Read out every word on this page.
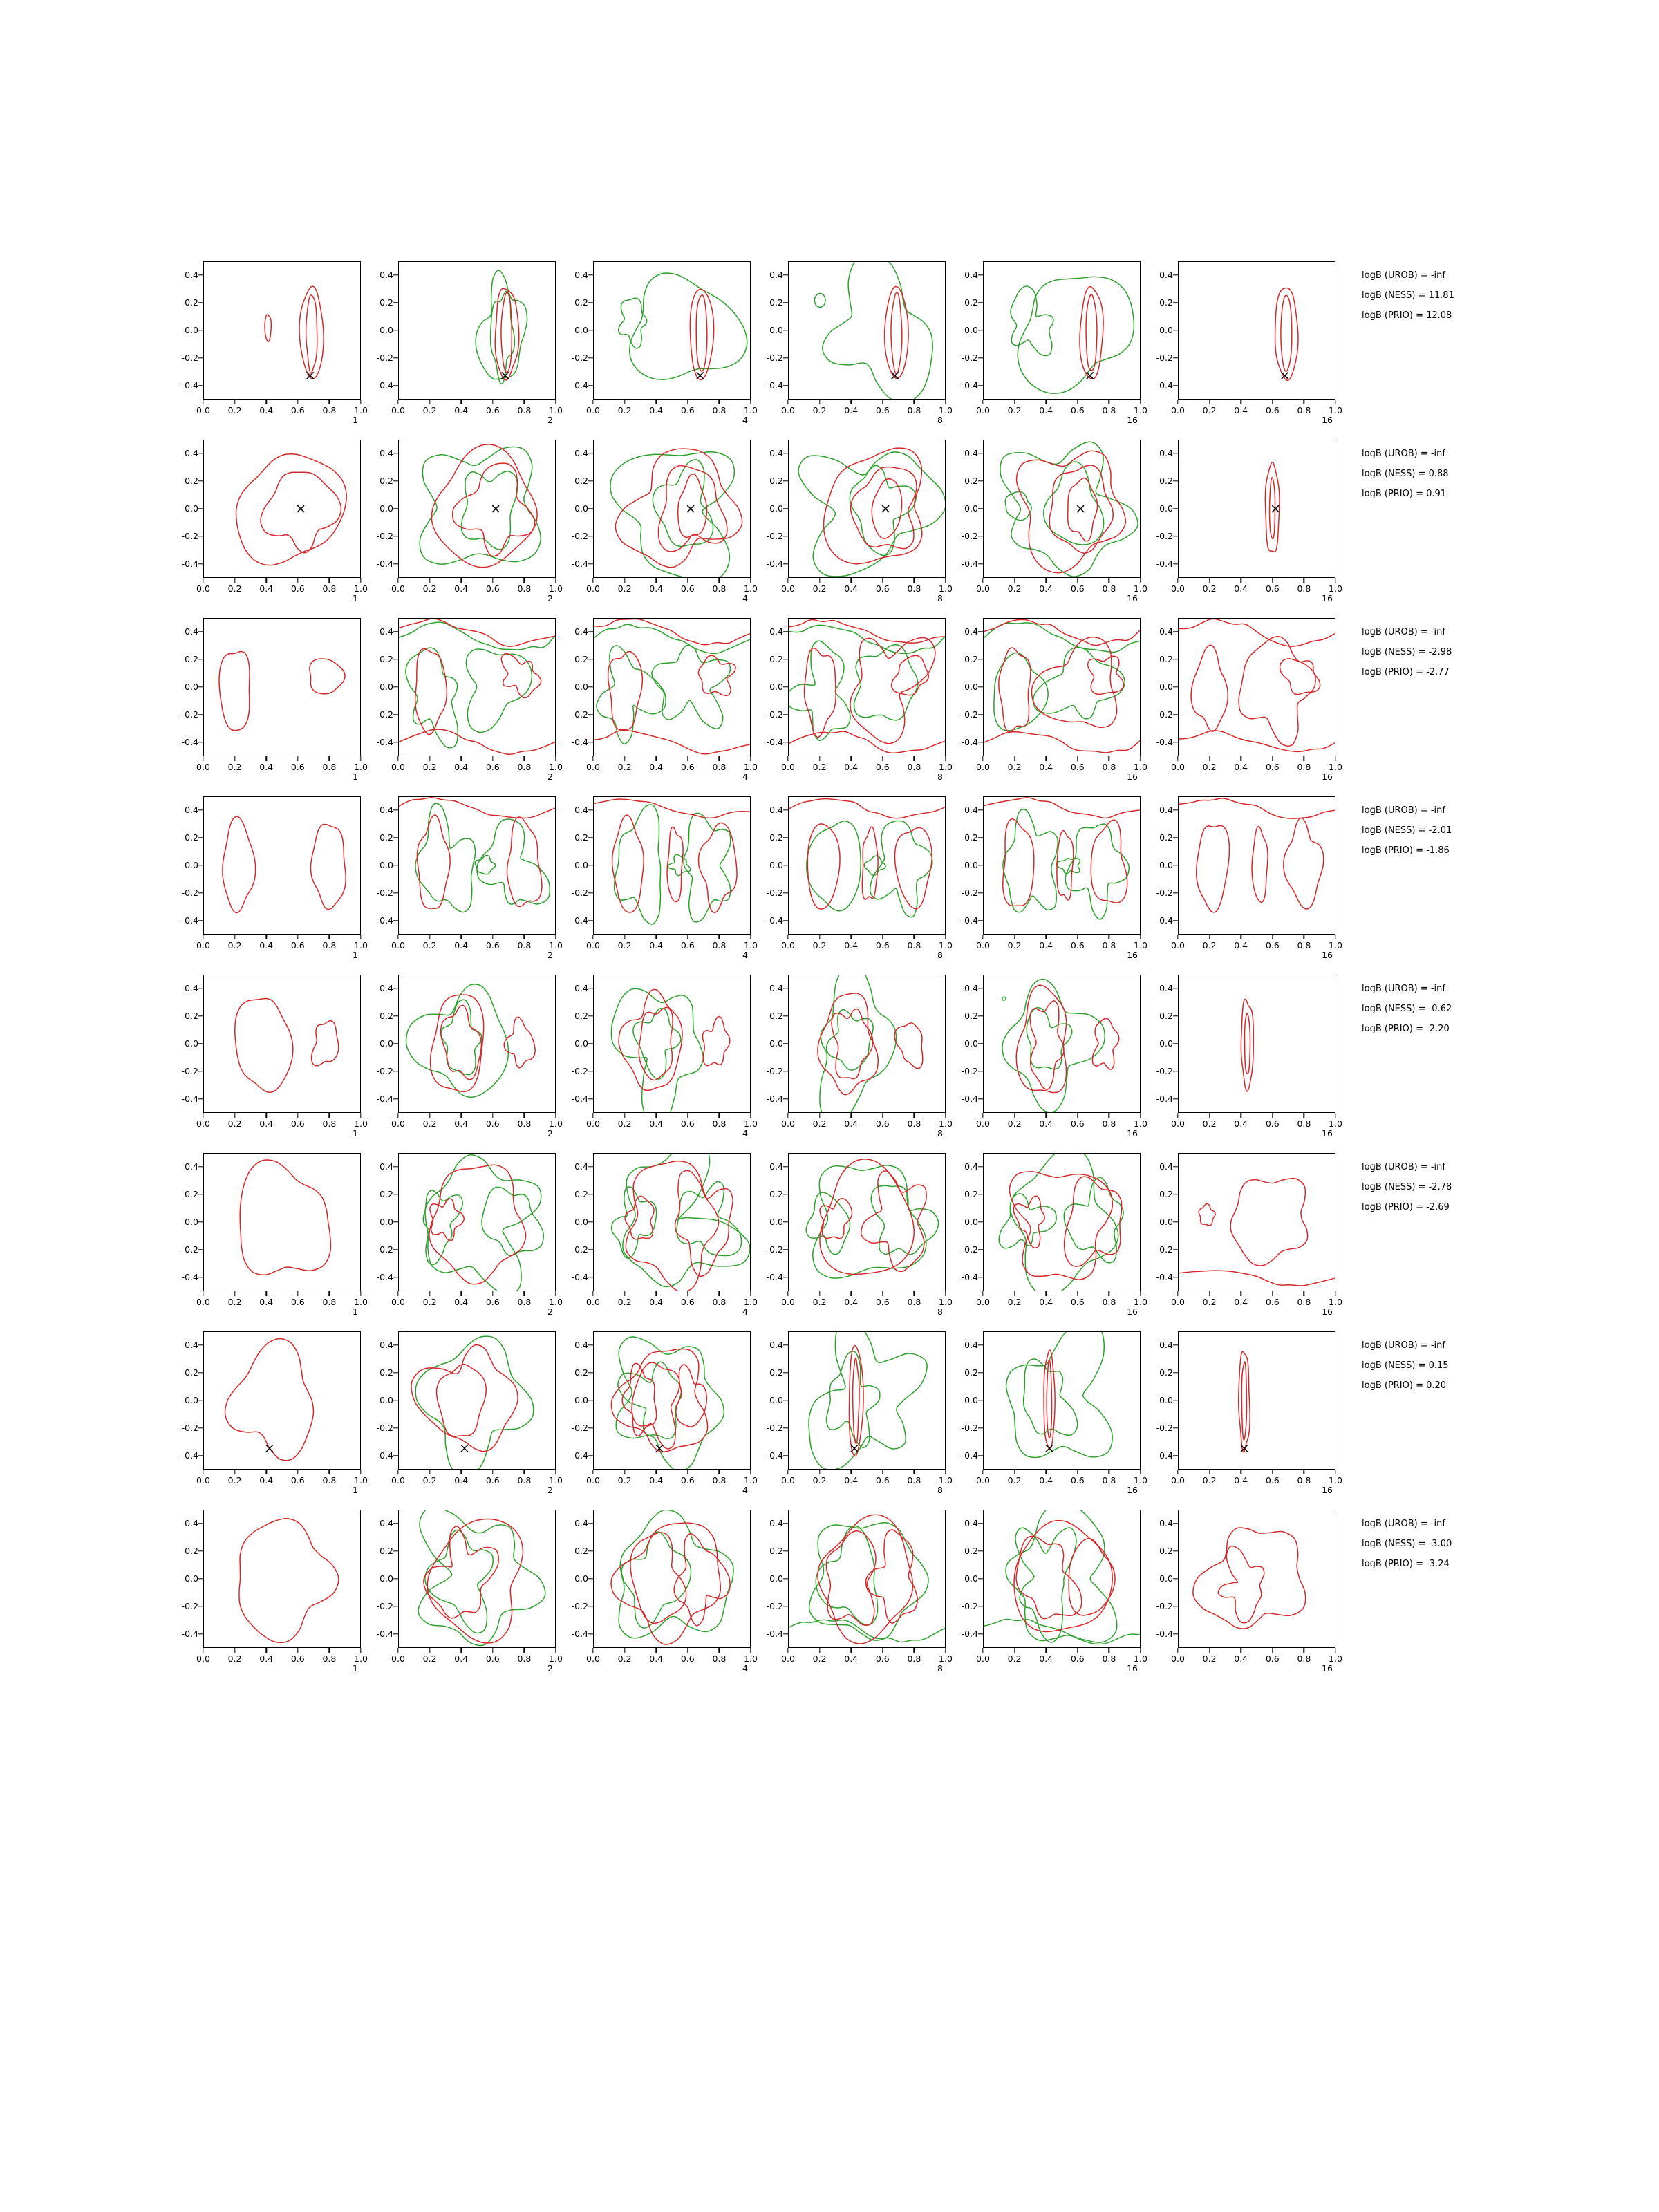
1
-0.4
-0.2
0.0
0.2
0.4
0.0 0.2 0.4 0.6 0.8 1.0
2
-0.4
-0.2
0.0
0.2
0.4
0.0 0.2 0.4 0.6 0.8 1.0
4
-0.4
-0.2
0.0
0.2
0.4
0.0 0.2 0.4 0.6 0.8 1.0
8
-0.4
-0.2
0.0
0.2
0.4
0.0 0.2 0.4 0.6 0.8 1.0
16
-0.4
-0.2
0.0
0.2
0.4
0.0 0.2 0.4 0.6 0.8 1.0
16
-0.4
-0.2
0.0
0.2
0.4
0.0 0.2 0.4 0.6 0.8 1.0
1
-0.4
-0.2
0.0
0.2
0.4
0.0 0.2 0.4 0.6 0.8 1.0
2
-0.4
-0.2
0.0
0.2
0.4
0.0 0.2 0.4 0.6 0.8 1.0
4
-0.4
-0.2
0.0
0.2
0.4
0.0 0.2 0.4 0.6 0.8 1.0
8
-0.4
-0.2
0.0
0.2
0.4
0.0 0.2 0.4 0.6 0.8 1.0
16
-0.4
-0.2
0.0
0.2
0.4
0.0 0.2 0.4 0.6 0.8 1.0
16
-0.4
-0.2
0.0
0.2
0.4
0.0 0.2 0.4 0.6 0.8 1.0
1
-0.4
-0.2
0.0
0.2
0.4
0.0 0.2 0.4 0.6 0.8 1.0
2
-0.4
-0.2
0.0
0.2
0.4
0.0 0.2 0.4 0.6 0.8 1.0
4
-0.4
-0.2
0.0
0.2
0.4
0.0 0.2 0.4 0.6 0.8 1.0
8
-0.4
-0.2
0.0
0.2
0.4
0.0 0.2 0.4 0.6 0.8 1.0
16
-0.4
-0.2
0.0
0.2
0.4
0.0 0.2 0.4 0.6 0.8 1.0
16
-0.4
-0.2
0.0
0.2
0.4
0.0 0.2 0.4 0.6 0.8 1.0
1
-0.4
-0.2
0.0
0.2
0.4
0.0 0.2 0.4 0.6 0.8 1.0
2
-0.4
-0.2
0.0
0.2
0.4
0.0 0.2 0.4 0.6 0.8 1.0
4
-0.4
-0.2
0.0
0.2
0.4
0.0 0.2 0.4 0.6 0.8 1.0
8
-0.4
-0.2
0.0
0.2
0.4
0.0 0.2 0.4 0.6 0.8 1.0
16
-0.4
-0.2
0.0
0.2
0.4
0.0 0.2 0.4 0.6 0.8 1.0
16
-0.4
-0.2
0.0
0.2
0.4
0.0 0.2 0.4 0.6 0.8 1.0
1
-0.4
-0.2
0.0
0.2
0.4
0.0 0.2 0.4 0.6 0.8 1.0
2
-0.4
-0.2
0.0
0.2
0.4
0.0 0.2 0.4 0.6 0.8 1.0
4
-0.4
-0.2
0.0
0.2
0.4
0.0 0.2 0.4 0.6 0.8 1.0
8
-0.4
-0.2
0.0
0.2
0.4
0.0 0.2 0.4 0.6 0.8 1.0
16
-0.4
-0.2
0.0
0.2
0.4
0.0 0.2 0.4 0.6 0.8 1.0
16
-0.4
-0.2
0.0
0.2
0.4
0.0 0.2 0.4 0.6 0.8 1.0
1
-0.4
-0.2
0.0
0.2
0.4
0.0 0.2 0.4 0.6 0.8 1.0
2
-0.4
-0.2
0.0
0.2
0.4
0.0 0.2 0.4 0.6 0.8 1.0
4
-0.4
-0.2
0.0
0.2
0.4
0.0 0.2 0.4 0.6 0.8 1.0
8
-0.4
-0.2
0.0
0.2
0.4
0.0 0.2 0.4 0.6 0.8 1.0
16
-0.4
-0.2
0.0
0.2
0.4
0.0 0.2 0.4 0.6 0.8 1.0
16
-0.4
-0.2
0.0
0.2
0.4
0.0 0.2 0.4 0.6 0.8 1.0
1
-0.4
-0.2
0.0
0.2
0.4
0.0 0.2 0.4 0.6 0.8 1.0
2
-0.4
-0.2
0.0
0.2
0.4
0.0 0.2 0.4 0.6 0.8 1.0
4
-0.4
-0.2
0.0
0.2
0.4
0.0 0.2 0.4 0.6 0.8 1.0
8
-0.4
-0.2
0.0
0.2
0.4
0.0 0.2 0.4 0.6 0.8 1.0
16
-0.4
-0.2
0.0
0.2
0.4
0.0 0.2 0.4 0.6 0.8 1.0
16
-0.4
-0.2
0.0
0.2
0.4
0.0 0.2 0.4 0.6 0.8 1.0
1
-0.4
-0.2
0.0
0.2
0.4
0.0 0.2 0.4 0.6 0.8 1.0
2
-0.4
-0.2
0.0
0.2
0.4
0.0 0.2 0.4 0.6 0.8 1.0
4
-0.4
-0.2
0.0
0.2
0.4
0.0 0.2 0.4 0.6 0.8 1.0
8
-0.4
-0.2
0.0
0.2
0.4
0.0 0.2 0.4 0.6 0.8 1.0
16
-0.4
-0.2
0.0
0.2
0.4
0.0 0.2 0.4 0.6 0.8 1.0
16
-0.4
-0.2
0.0
0.2
0.4
0.0 0.2 0.4 0.6 0.8 1.0
logB (UROB) = -inf
logB (NESS) = 11.81
logB (PRIO) = 12.08
logB (UROB) = -inf
logB (NESS) = 0.88
logB (PRIO) = 0.91
logB (UROB) = -inf
logB (NESS) = -2.98
logB (PRIO) = -2.77
logB (UROB) = -inf
logB (NESS) = -2.01
logB (PRIO) = -1.86
logB (UROB) = -inf
logB (NESS) = -0.62
logB (PRIO) = -2.20
logB (UROB) = -inf
logB (NESS) = -2.78
logB (PRIO) = -2.69
logB (UROB) = -inf
logB (NESS) = 0.15
logB (PRIO) = 0.20
logB (UROB) = -inf
logB (NESS) = -3.00
logB (PRIO) = -3.24
